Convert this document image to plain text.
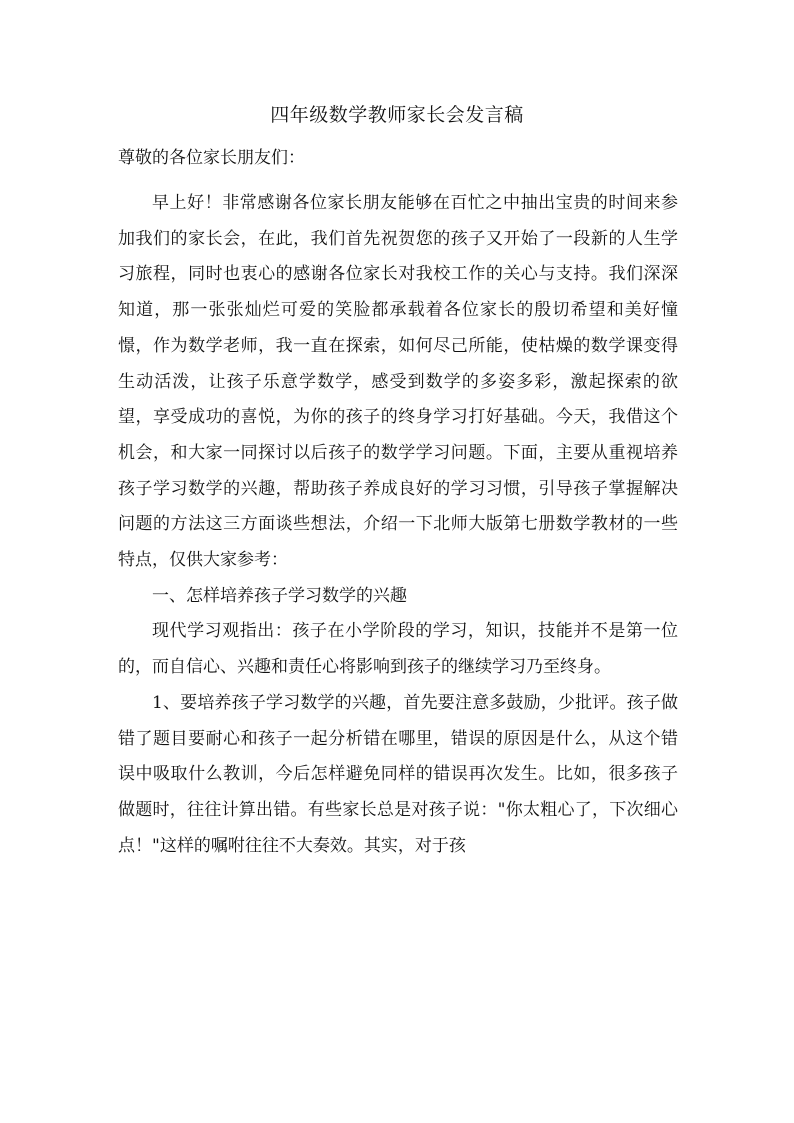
四年级数学教师家长会发言稿
尊敬的各位家长朋友们：

早上好！非常感谢各位家长朋友能够在百忙之中抽出宝贵的时间来参加我们的家长会，在此，我们首先祝贺您的孩子又开始了一段新的人生学习旅程，同时也衷心的感谢各位家长对我校工作的关心与支持。我们深深知道，那一张张灿烂可爱的笑脸都承载着各位家长的殷切希望和美好憧憬，作为数学老师，我一直在探索，如何尽己所能，使枯燥的数学课变得生动活泼，让孩子乐意学数学，感受到数学的多姿多彩，激起探索的欲望，享受成功的喜悦，为你的孩子的终身学习打好基础。今天，我借这个机会，和大家一同探讨以后孩子的数学学习问题。下面，主要从重视培养孩子学习数学的兴趣，帮助孩子养成良好的学习习惯，引导孩子掌握解决问题的方法这三方面谈些想法，介绍一下北师大版第七册数学教材的一些特点，仅供大家参考：

一、怎样培养孩子学习数学的兴趣

现代学习观指出：孩子在小学阶段的学习，知识，技能并不是第一位的，而自信心、兴趣和责任心将影响到孩子的继续学习乃至终身。

1、要培养孩子学习数学的兴趣，首先要注意多鼓励，少批评。孩子做错了题目要耐心和孩子一起分析错在哪里，错误的原因是什么，从这个错误中吸取什么教训，今后怎样避免同样的错误再次发生。比如，很多孩子做题时，往往计算出错。有些家长总是对孩子说："你太粗心了，下次细心点！"这样的嘱咐往往不大奏效。其实，对于孩
